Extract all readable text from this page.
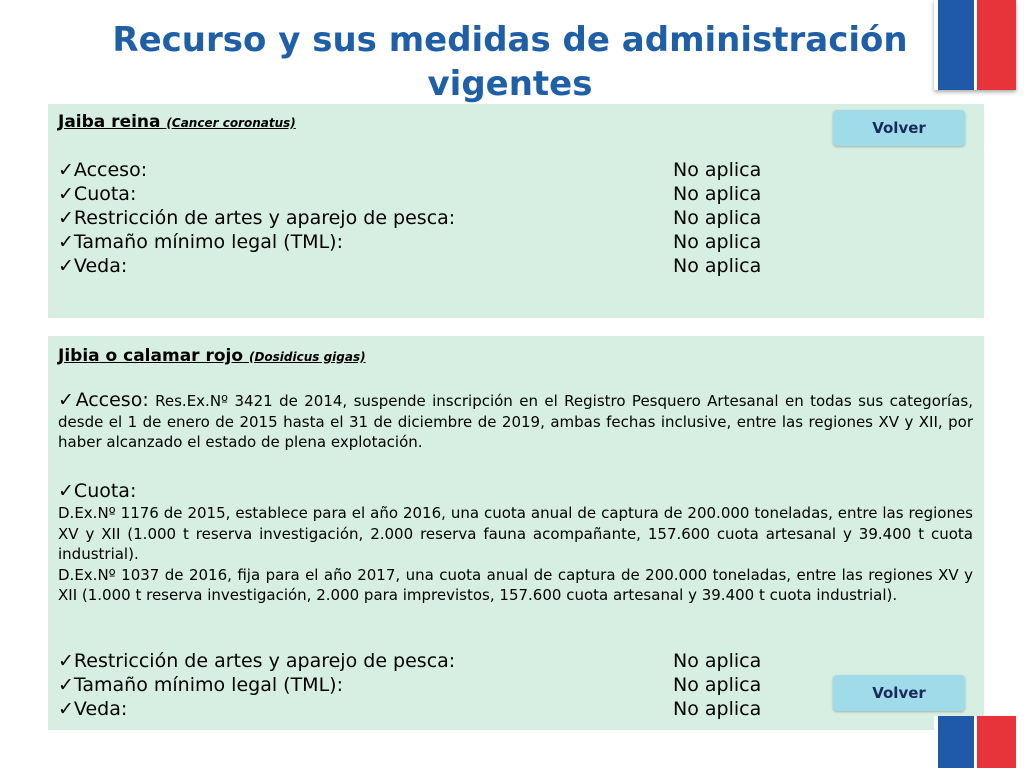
Recurso y sus medidas de administración vigentes
Jaiba reina (Cancer coronatus)
✓Acceso:	No aplica
✓Cuota:	No aplica
✓Restricción de artes y aparejo de pesca:	No aplica
✓Tamaño mínimo legal (TML):	No aplica
✓Veda:	No aplica
Volver
Jibia o calamar rojo (Dosidicus gigas)
✓Acceso: Res.Ex.Nº 3421 de 2014, suspende inscripción en el Registro Pesquero Artesanal en todas sus categorías, desde el 1 de enero de 2015 hasta el 31 de diciembre de 2019, ambas fechas inclusive, entre las regiones XV y XII, por haber alcanzado el estado de plena explotación.
✓Cuota:
D.Ex.Nº 1176 de 2015, establece para el año 2016, una cuota anual de captura de 200.000 toneladas, entre las regiones XV y XII (1.000 t reserva investigación, 2.000 reserva fauna acompañante, 157.600 cuota artesanal y 39.400 t cuota industrial).
D.Ex.Nº 1037 de 2016, fija para el año 2017, una cuota anual de captura de 200.000 toneladas, entre las regiones XV y XII (1.000 t reserva investigación, 2.000 para imprevistos, 157.600 cuota artesanal y 39.400 t cuota industrial).
✓Restricción de artes y aparejo de pesca:	No aplica
✓Tamaño mínimo legal (TML):	No aplica
✓Veda:	No aplica
Volver
